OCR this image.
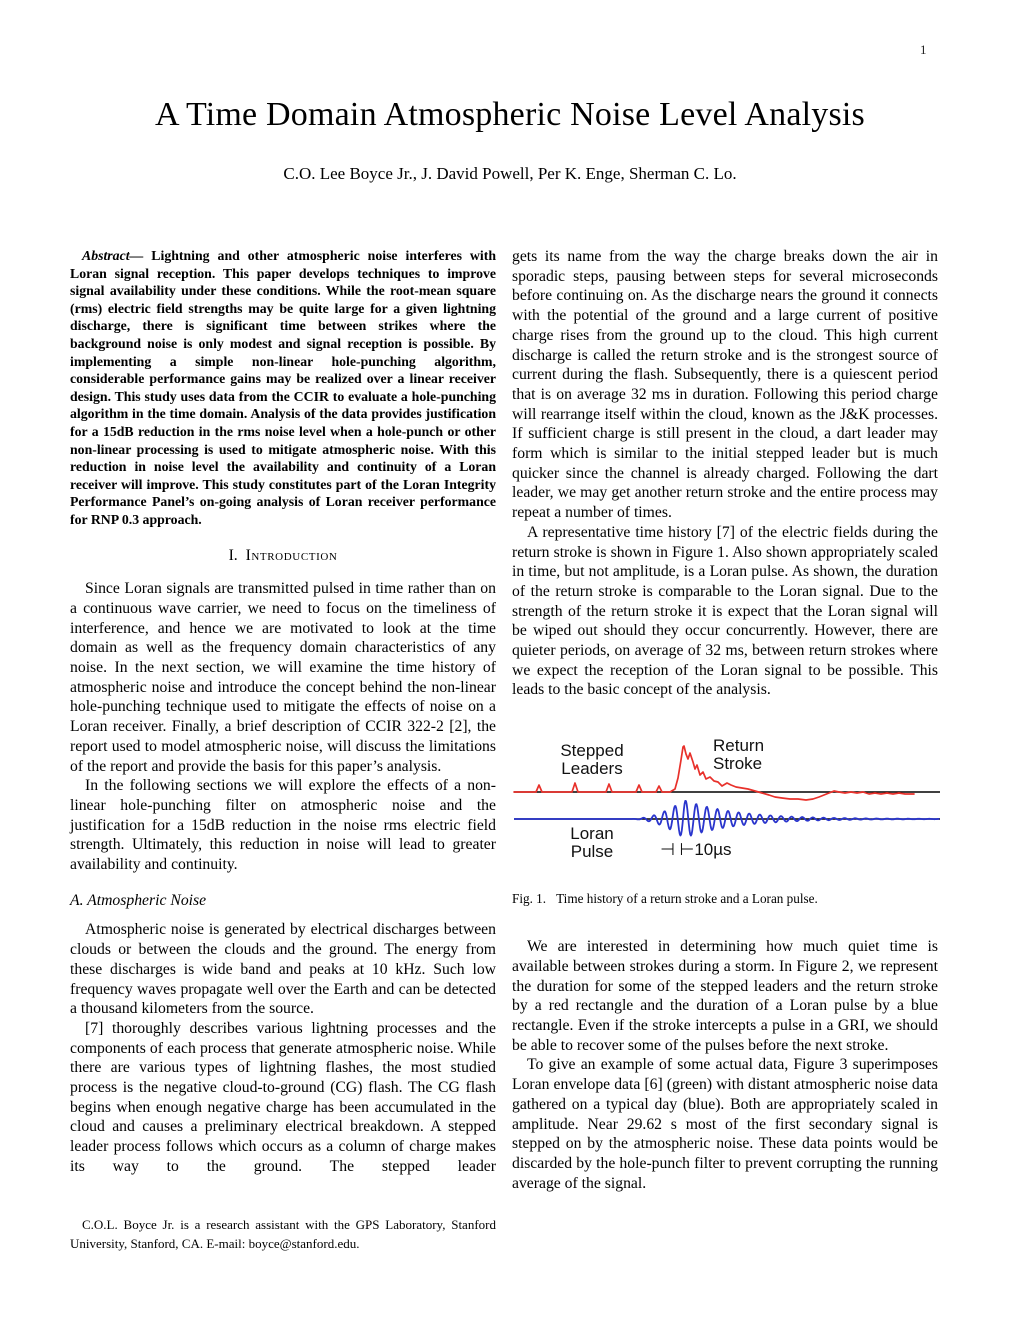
1
A Time Domain Atmospheric Noise Level Analysis
C.O. Lee Boyce Jr., J. David Powell, Per K. Enge, Sherman C. Lo.

Abstract— Lightning and other atmospheric noise interferes with Loran signal reception. This paper develops techniques to improve signal availability under these conditions. While the root-mean square (rms) electric field strengths may be quite large for a given lightning discharge, there is significant time between strikes where the background noise is only modest and signal reception is possible. By implementing a simple non-linear hole-punching algorithm, considerable performance gains may be realized over a linear receiver design. This study uses data from the CCIR to evaluate a hole-punching algorithm in the time domain. Analysis of the data provides justification for a 15dB reduction in the rms noise level when a hole-punch or other non-linear processing is used to mitigate atmospheric noise. With this reduction in noise level the availability and continuity of a Loran receiver will improve. This study constitutes part of the Loran Integrity Performance Panel’s on-going analysis of Loran receiver performance for RNP 0.3 approach.

I. Introduction

Since Loran signals are transmitted pulsed in time rather than on a continuous wave carrier, we need to focus on the timeliness of interference, and hence we are motivated to look at the time domain as well as the frequency domain characteristics of any noise. In the next section, we will examine the time history of atmospheric noise and introduce the concept behind the non-linear hole-punching technique used to mitigate the effects of noise on a Loran receiver. Finally, a brief description of CCIR 322-2 [2], the report used to model atmospheric noise, will discuss the limitations of the report and provide the basis for this paper’s analysis.

In the following sections we will explore the effects of a non-linear hole-punching filter on atmospheric noise and the justification for a 15dB reduction in the noise rms electric field strength. Ultimately, this reduction in noise will lead to greater availability and continuity.

A. Atmospheric Noise

Atmospheric noise is generated by electrical discharges between clouds or between the clouds and the ground. The energy from these discharges is wide band and peaks at 10 kHz. Such low frequency waves propagate well over the Earth and can be detected a thousand kilometers from the source.

[7] thoroughly describes various lightning processes and the components of each process that generate atmospheric noise. While there are various types of lightning flashes, the most studied process is the negative cloud-to-ground (CG) flash. The CG flash begins when enough negative charge has been accumulated in the cloud and causes a preliminary electrical breakdown. A stepped leader process follows which occurs as a column of charge makes its way to the ground. The stepped leader

gets its name from the way the charge breaks down the air in sporadic steps, pausing between steps for several microseconds before continuing on. As the discharge nears the ground it connects with the potential of the ground and a large current of positive charge rises from the ground up to the cloud. This high current discharge is called the return stroke and is the strongest source of current during the flash. Subsequently, there is a quiescent period that is on average 32 ms in duration. Following this period charge will rearrange itself within the cloud, known as the J&K processes. If sufficient charge is still present in the cloud, a dart leader may form which is similar to the initial stepped leader but is much quicker since the channel is already charged. Following the dart leader, we may get another return stroke and the entire process may repeat a number of times.

A representative time history [7] of the electric fields during the return stroke is shown in Figure 1. Also shown appropriately scaled in time, but not amplitude, is a Loran pulse. As shown, the duration of the return stroke is comparable to the Loran signal. Due to the strength of the return stroke it is expect that the Loran signal will be wiped out should they occur concurrently. However, there are quieter periods, on average of 32 ms, between return strokes where we expect the reception of the Loran signal to be possible. This leads to the basic concept of the analysis.

Stepped
Leaders
Return
Stroke
Loran
Pulse	⊣ ⊢10µs
Fig. 1. Time history of a return stroke and a Loran pulse.

We are interested in determining how much quiet time is available between strokes during a storm. In Figure 2, we represent the duration for some of the stepped leaders and the return stroke by a red rectangle and the duration of a Loran pulse by a blue rectangle. Even if the stroke intercepts a pulse in a GRI, we should be able to recover some of the pulses before the next stroke.

To give an example of some actual data, Figure 3 superimposes Loran envelope data [6] (green) with distant atmospheric noise data gathered on a typical day (blue). Both are appropriately scaled in amplitude. Near 29.62 s most of the first secondary signal is stepped on by the atmospheric noise. These data points would be discarded by the hole-punch filter to prevent corrupting the running average of the signal.

C.O.L. Boyce Jr. is a research assistant with the GPS Laboratory, Stanford University, Stanford, CA. E-mail: boyce@stanford.edu.
